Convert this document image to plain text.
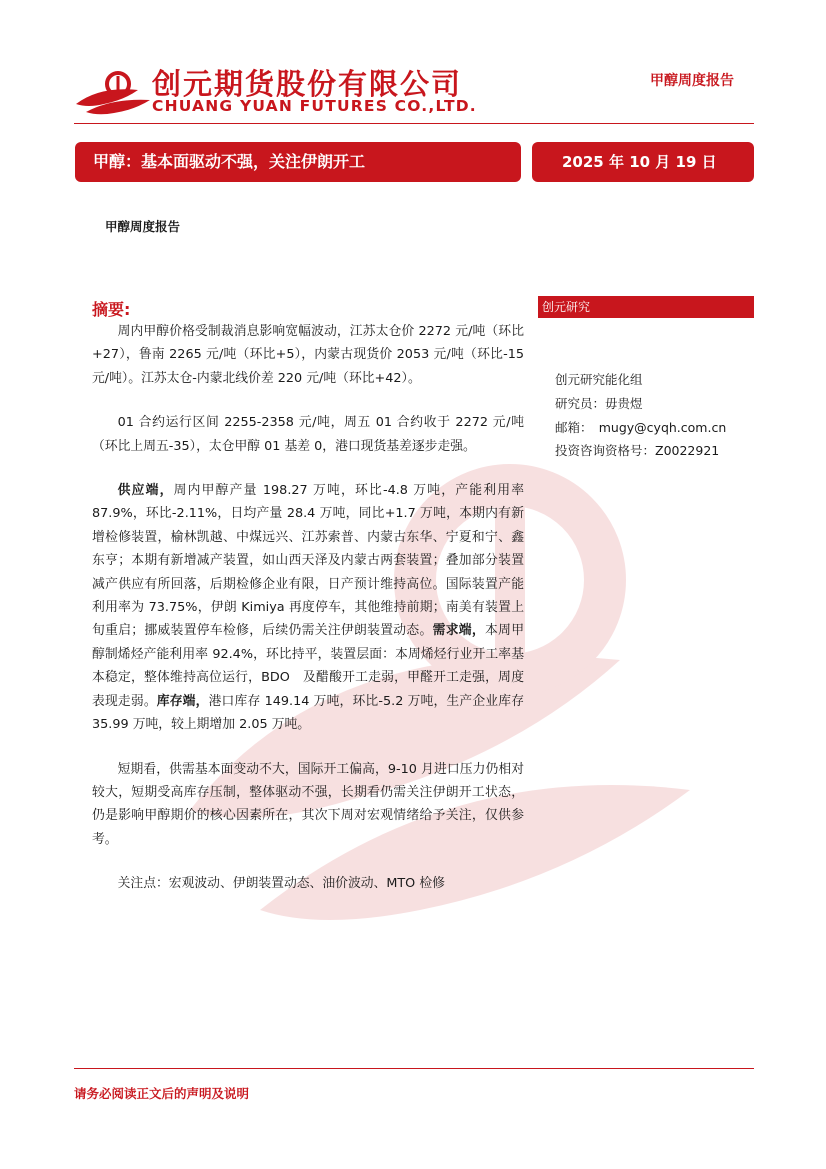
创元期货股份有限公司
CHUANG YUAN FUTURES CO.,LTD.
甲醇周度报告
甲醇：基本面驱动不强，关注伊朗开工	2025 年 10 月 19 日
甲醇周度报告
摘要:

周内甲醇价格受制裁消息影响宽幅波动，江苏太仓价 2272 元/吨（环比+27），鲁南 2265 元/吨（环比+5），内蒙古现货价 2053 元/吨（环比-15 元/吨）。江苏太仓-内蒙北线价差 220 元/吨（环比+42）。

01 合约运行区间 2255-2358 元/吨，周五 01 合约收于 2272 元/吨（环比上周五-35），太仓甲醇 01 基差 0，港口现货基差逐步走强。

供应端，周内甲醇产量 198.27 万吨，环比-4.8 万吨，产能利用率 87.9%，环比-2.11%，日均产量 28.4 万吨，同比+1.7 万吨，本期内有新增检修装置，榆林凯越、中煤远兴、江苏索普、内蒙古东华、宁夏和宁、鑫东亨；本期有新增减产装置，如山西天泽及内蒙古两套装置；叠加部分装置减产供应有所回落，后期检修企业有限，日产预计维持高位。国际装置产能利用率为 73.75%，伊朗 Kimiya 再度停车，其他维持前期；南美有装置上旬重启；挪威装置停车检修，后续仍需关注伊朗装置动态。需求端，本周甲醇制烯烃产能利用率 92.4%，环比持平，装置层面：本周烯烃行业开工率基本稳定，整体维持高位运行，BDO　及醋酸开工走弱，甲醛开工走强，周度表现走弱。库存端，港口库存 149.14 万吨，环比-5.2 万吨，生产企业库存 35.99 万吨，较上期增加 2.05 万吨。

短期看，供需基本面变动不大，国际开工偏高，9-10 月进口压力仍相对较大，短期受高库存压制，整体驱动不强，长期看仍需关注伊朗开工状态，仍是影响甲醇期价的核心因素所在，其次下周对宏观情绪给予关注，仅供参考。

关注点：宏观波动、伊朗装置动态、油价波动、MTO 检修

创元研究
创元研究能化组
研究员：毋贵煜
邮箱：　mugy@cyqh.com.cn
投资咨询资格号：Z0022921
请务必阅读正文后的声明及说明
